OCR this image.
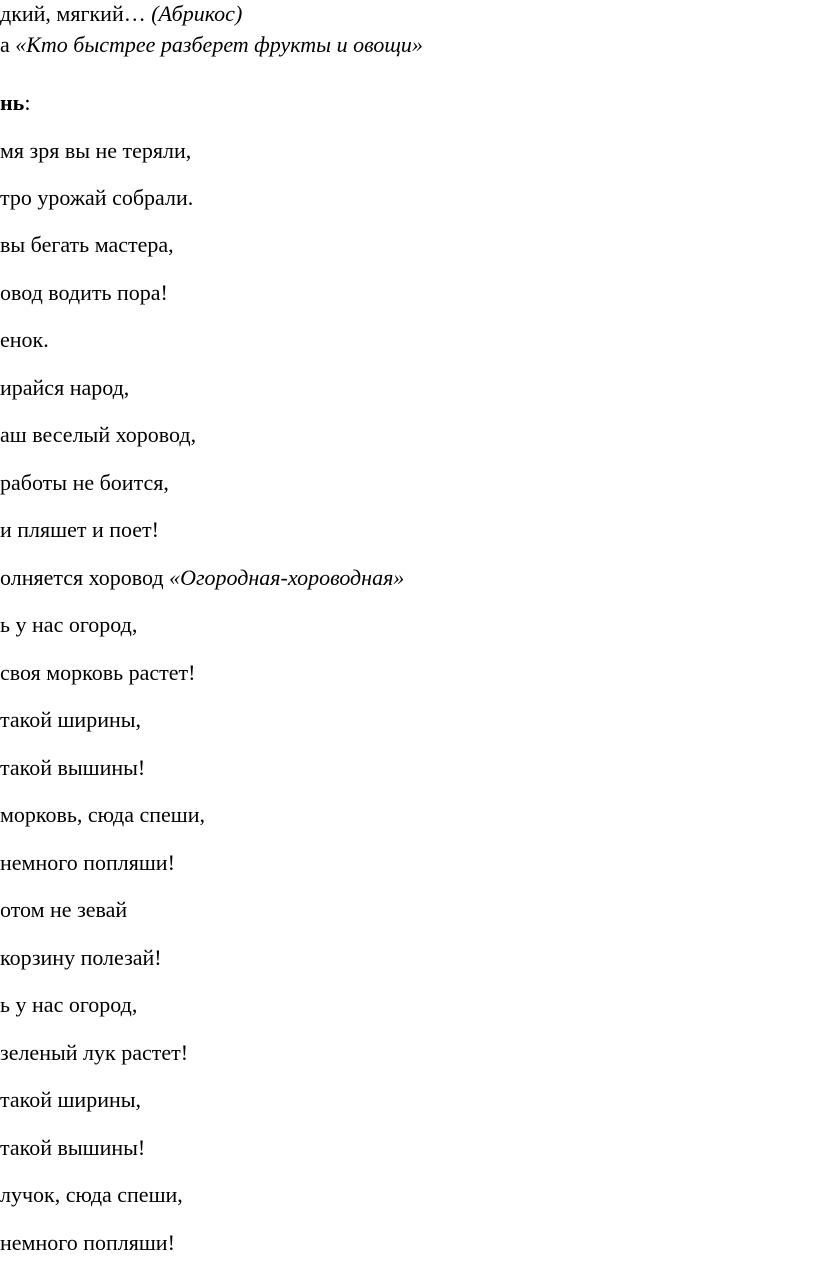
дкий, мягкий… (Абрикос)
а «Кто быстрее разберет фрукты и овощи»
нь:
мя зря вы не теряли,
тро урожай собрали.
вы бегать мастера,
овод водить пора!
енок.
ирайся народ,
аш веселый хоровод,
работы не боится,
и пляшет и поет!
олняется хоровод «Огородная-хороводная»
ь у нас огород,
своя морковь растет!
такой ширины,
такой вышины!
морковь, сюда спеши,
немного попляши!
отом не зевай
корзину полезай!
ь у нас огород,
зеленый лук растет!
такой ширины,
такой вышины!
лучок, сюда спеши,
немного попляши!
